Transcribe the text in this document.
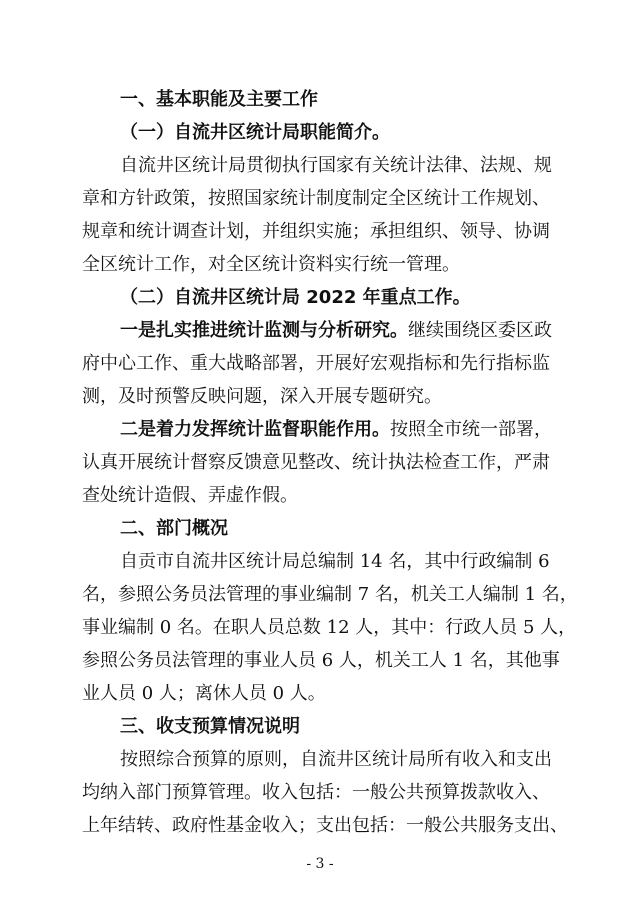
一、基本职能及主要工作

（一）自流井区统计局职能简介。

自流井区统计局贯彻执行国家有关统计法律、法规、规

章和方针政策，按照国家统计制度制定全区统计工作规划、

规章和统计调查计划，并组织实施；承担组织、领导、协调

全区统计工作，对全区统计资料实行统一管理。

（二）自流井区统计局 2022 年重点工作。

一是扎实推进统计监测与分析研究。继续围绕区委区政

府中心工作、重大战略部署，开展好宏观指标和先行指标监

测，及时预警反映问题，深入开展专题研究。

二是着力发挥统计监督职能作用。按照全市统一部署，

认真开展统计督察反馈意见整改、统计执法检查工作，严肃

查处统计造假、弄虚作假。

二、部门概况

自贡市自流井区统计局总编制 14 名，其中行政编制 6

名，参照公务员法管理的事业编制 7 名，机关工人编制 1 名，

事业编制 0 名。在职人员总数 12 人，其中：行政人员 5 人，

参照公务员法管理的事业人员 6 人，机关工人 1 名，其他事

业人员 0 人；离休人员 0 人。

三、收支预算情况说明

按照综合预算的原则，自流井区统计局所有收入和支出

均纳入部门预算管理。收入包括：一般公共预算拨款收入、

上年结转、政府性基金收入；支出包括：一般公共服务支出、

- 3 -
